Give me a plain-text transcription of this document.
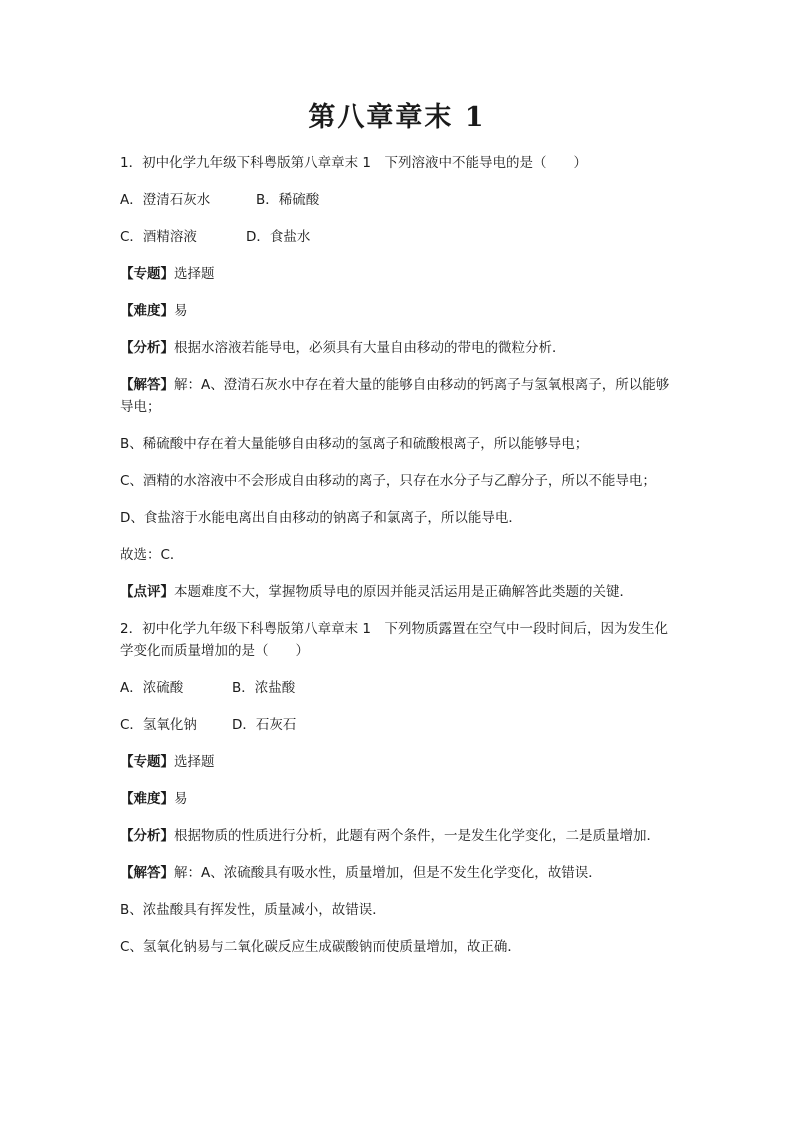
第八章章末 1

1．初中化学九年级下科粤版第八章章末 1　下列溶液中不能导电的是（　　）

A．澄清石灰水	B．稀硫酸

C．酒精溶液	D．食盐水

【专题】选择题

【难度】易

【分析】根据水溶液若能导电，必须具有大量自由移动的带电的微粒分析．

【解答】解：A、澄清石灰水中存在着大量的能够自由移动的钙离子与氢氧根离子，所以能够导电；

B、稀硫酸中存在着大量能够自由移动的氢离子和硫酸根离子，所以能够导电；

C、酒精的水溶液中不会形成自由移动的离子，只存在水分子与乙醇分子，所以不能导电；

D、食盐溶于水能电离出自由移动的钠离子和氯离子，所以能导电．

故选：C．

【点评】本题难度不大，掌握物质导电的原因并能灵活运用是正确解答此类题的关键．

2．初中化学九年级下科粤版第八章章末 1　下列物质露置在空气中一段时间后，因为发生化学变化而质量增加的是（　　）

A．浓硫酸	B．浓盐酸

C．氢氧化钠	D．石灰石

【专题】选择题

【难度】易

【分析】根据物质的性质进行分析，此题有两个条件，一是发生化学变化，二是质量增加．

【解答】解：A、浓硫酸具有吸水性，质量增加，但是不发生化学变化，故错误．

B、浓盐酸具有挥发性，质量减小，故错误．

C、氢氧化钠易与二氧化碳反应生成碳酸钠而使质量增加，故正确．
